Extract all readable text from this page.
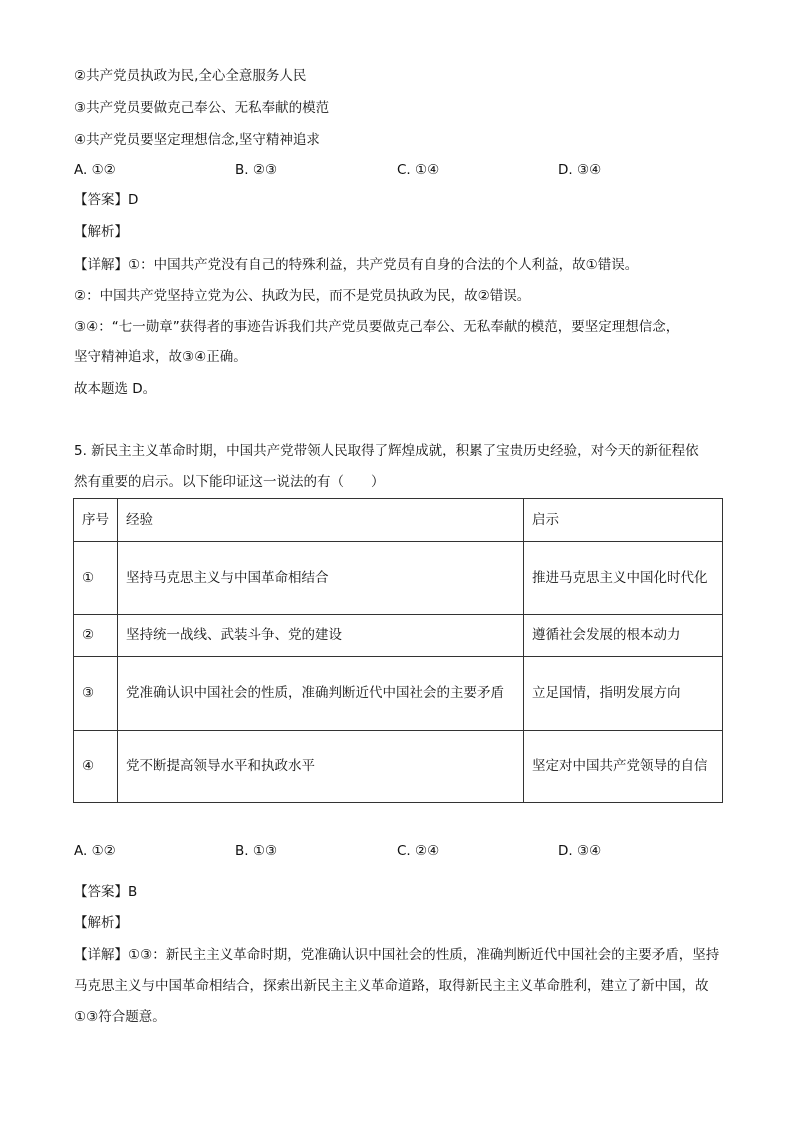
②共产党员执政为民,全心全意服务人民
③共产党员要做克己奉公、无私奉献的模范
④共产党员要坚定理想信念,坚守精神追求
A. ①②	B. ②③	C. ①④	D. ③④
【答案】D
【解析】
【详解】①：中国共产党没有自己的特殊利益，共产党员有自身的合法的个人利益，故①错误。
②：中国共产党坚持立党为公、执政为民，而不是党员执政为民，故②错误。
③④：“七一勋章”获得者的事迹告诉我们共产党员要做克己奉公、无私奉献的模范，要坚定理想信念，
坚守精神追求，故③④正确。
故本题选 D。
5. 新民主主义革命时期，中国共产党带领人民取得了辉煌成就，积累了宝贵历史经验，对今天的新征程依
然有重要的启示。以下能印证这一说法的有（　　）
序号	经验	启示
①	坚持马克思主义与中国革命相结合	推进马克思主义中国化时代化
②	坚持统一战线、武装斗争、党的建设	遵循社会发展的根本动力
③	党准确认识中国社会的性质，准确判断近代中国社会的主要矛盾	立足国情，指明发展方向
④	党不断提高领导水平和执政水平	坚定对中国共产党领导的自信
A. ①②	B. ①③	C. ②④	D. ③④
【答案】B
【解析】
【详解】①③：新民主主义革命时期，党准确认识中国社会的性质，准确判断近代中国社会的主要矛盾，坚持马克思主义与中国革命相结合，探索出新民主主义革命道路，取得新民主主义革命胜利，建立了新中国，故①③符合题意。
